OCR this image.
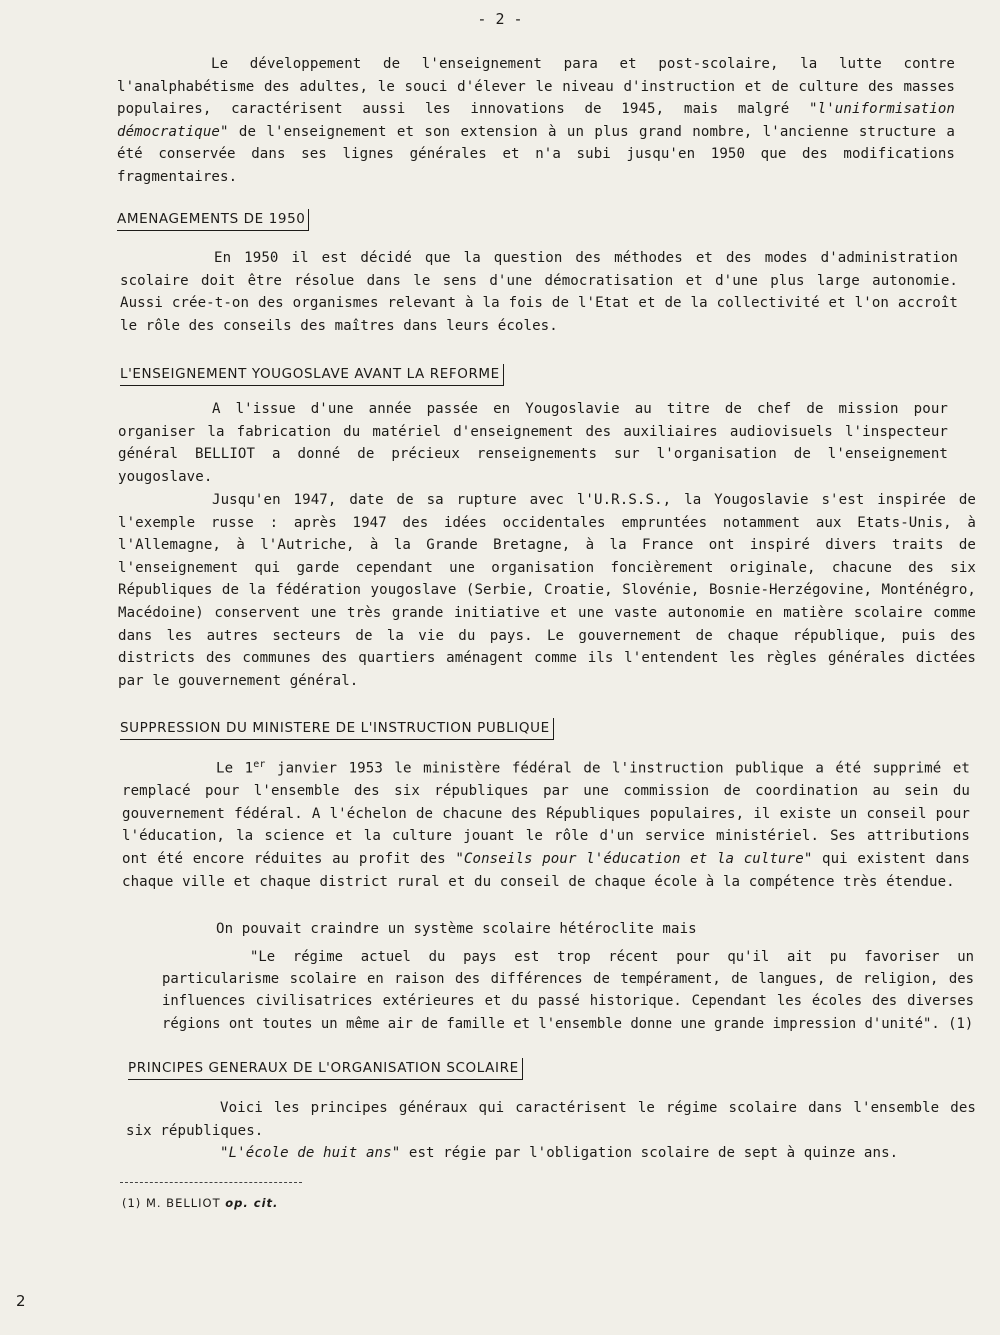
- 2 -

Le développement de l'enseignement para et post-scolaire, la lutte contre l'analphabétisme des adultes, le souci d'élever le niveau d'instruction et de culture des masses populaires, caractérisent aussi les innovations de 1945, mais malgré "l'uniformisation démocratique" de l'enseignement et son extension à un plus grand nombre, l'ancienne structure a été conservée dans ses lignes générales et n'a subi jusqu'en 1950 que des modifications fragmentaires.

AMENAGEMENTS DE 1950

En 1950 il est décidé que la question des méthodes et des modes d'administration scolaire doit être résolue dans le sens d'une démocratisation et d'une plus large autonomie. Aussi crée-t-on des organismes relevant à la fois de l'Etat et de la collectivité et l'on accroît le rôle des conseils des maîtres dans leurs écoles.

L'ENSEIGNEMENT YOUGOSLAVE AVANT LA REFORME

A l'issue d'une année passée en Yougoslavie au titre de chef de mission pour organiser la fabrication du matériel d'enseignement des auxiliaires audiovisuels l'inspecteur général BELLIOT a donné de précieux renseignements sur l'organisation de l'enseignement yougoslave.

Jusqu'en 1947, date de sa rupture avec l'U.R.S.S., la Yougoslavie s'est inspirée de l'exemple russe : après 1947 des idées occidentales empruntées notamment aux Etats-Unis, à l'Allemagne, à l'Autriche, à la Grande Bretagne, à la France ont inspiré divers traits de l'enseignement qui garde cependant une organisation foncièrement originale, chacune des six Républiques de la fédération yougoslave (Serbie, Croatie, Slovénie, Bosnie-Herzégovine, Monténégro, Macédoine) conservent une très grande initiative et une vaste autonomie en matière scolaire comme dans les autres secteurs de la vie du pays. Le gouvernement de chaque république, puis des districts des communes des quartiers aménagent comme ils l'entendent les règles générales dictées par le gouvernement général.

SUPPRESSION DU MINISTERE DE L'INSTRUCTION PUBLIQUE

Le 1er janvier 1953 le ministère fédéral de l'instruction publique a été supprimé et remplacé pour l'ensemble des six républiques par une commission de coordination au sein du gouvernement fédéral. A l'échelon de chacune des Républiques populaires, il existe un conseil pour l'éducation, la science et la culture jouant le rôle d'un service ministériel. Ses attributions ont été encore réduites au profit des "Conseils pour l'éducation et la culture" qui existent dans chaque ville et chaque district rural et du conseil de chaque école à la compétence très étendue.

On pouvait craindre un système scolaire hétéroclite mais

"Le régime actuel du pays est trop récent pour qu'il ait pu favoriser un particularisme scolaire en raison des différences de tempérament, de langues, de religion, des influences civilisatrices extérieures et du passé historique. Cependant les écoles des diverses régions ont toutes un même air de famille et l'ensemble donne une grande impression d'unité". (1)

PRINCIPES GENERAUX DE L'ORGANISATION SCOLAIRE

Voici les principes généraux qui caractérisent le régime scolaire dans l'ensemble des six républiques.

"L'école de huit ans" est régie par l'obligation scolaire de sept à quinze ans.

(1) M. BELLIOT op. cit.
2
